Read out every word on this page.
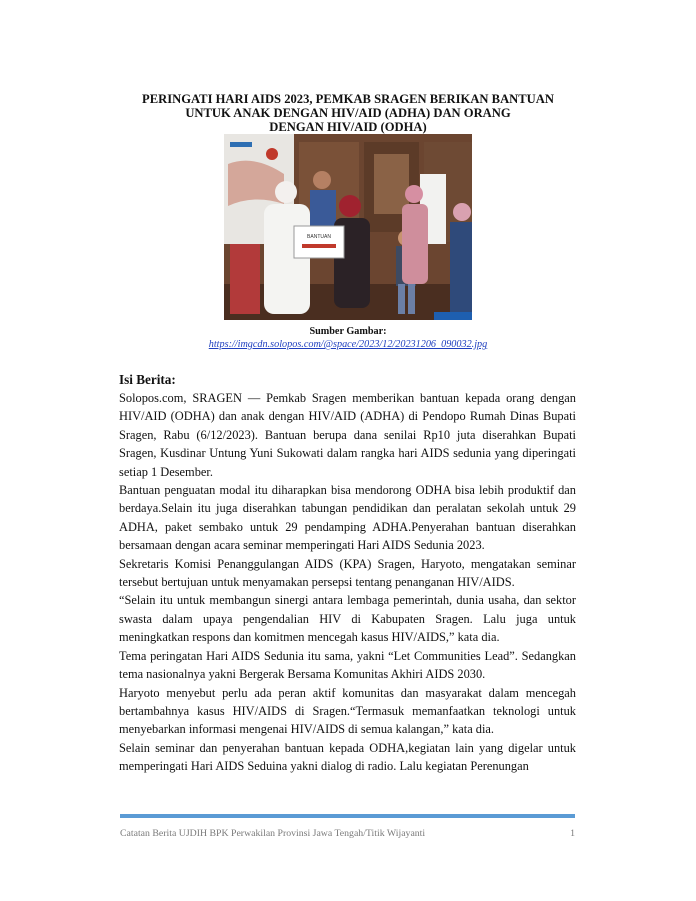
PERINGATI HARI AIDS 2023, PEMKAB SRAGEN BERIKAN BANTUAN
UNTUK ANAK DENGAN HIV/AID (ADHA) DAN ORANG
DENGAN HIV/AID (ODHA)
BANTUAN
Sumber Gambar:
https://imgcdn.solopos.com/@space/2023/12/20231206_090032.jpg
Isi Berita:

Solopos.com, SRAGEN — Pemkab Sragen memberikan bantuan kepada orang dengan HIV/AID (ODHA) dan anak dengan HIV/AID (ADHA) di Pendopo Rumah Dinas Bupati Sragen, Rabu (6/12/2023). Bantuan berupa dana senilai Rp10 juta diserahkan Bupati Sragen, Kusdinar Untung Yuni Sukowati dalam rangka hari AIDS sedunia yang diperingati setiap 1 Desember.

Bantuan penguatan modal itu diharapkan bisa mendorong ODHA bisa lebih produktif dan berdaya.Selain itu juga diserahkan tabungan pendidikan dan peralatan sekolah untuk 29 ADHA, paket sembako untuk 29 pendamping ADHA.Penyerahan bantuan diserahkan bersamaan dengan acara seminar memperingati Hari AIDS Sedunia 2023.

Sekretaris Komisi Penanggulangan AIDS (KPA) Sragen, Haryoto, mengatakan seminar tersebut bertujuan untuk menyamakan persepsi tentang penanganan HIV/AIDS.

“Selain itu untuk membangun sinergi antara lembaga pemerintah, dunia usaha, dan sektor swasta dalam upaya pengendalian HIV di Kabupaten Sragen. Lalu juga untuk meningkatkan respons dan komitmen mencegah kasus HIV/AIDS,” kata dia.

Tema peringatan Hari AIDS Sedunia itu sama, yakni “Let Communities Lead”. Sedangkan tema nasionalnya yakni Bergerak Bersama Komunitas Akhiri AIDS 2030.

Haryoto menyebut perlu ada peran aktif komunitas dan masyarakat dalam mencegah bertambahnya kasus HIV/AIDS di Sragen.“Termasuk memanfaatkan teknologi untuk menyebarkan informasi mengenai HIV/AIDS di semua kalangan,” kata dia.

Selain seminar dan penyerahan bantuan kepada ODHA,kegiatan lain yang digelar untuk memperingati Hari AIDS Seduina yakni dialog di radio. Lalu kegiatan Perenungan

Catatan Berita UJDIH BPK Perwakilan Provinsi Jawa Tengah/Titik Wijayanti	1
